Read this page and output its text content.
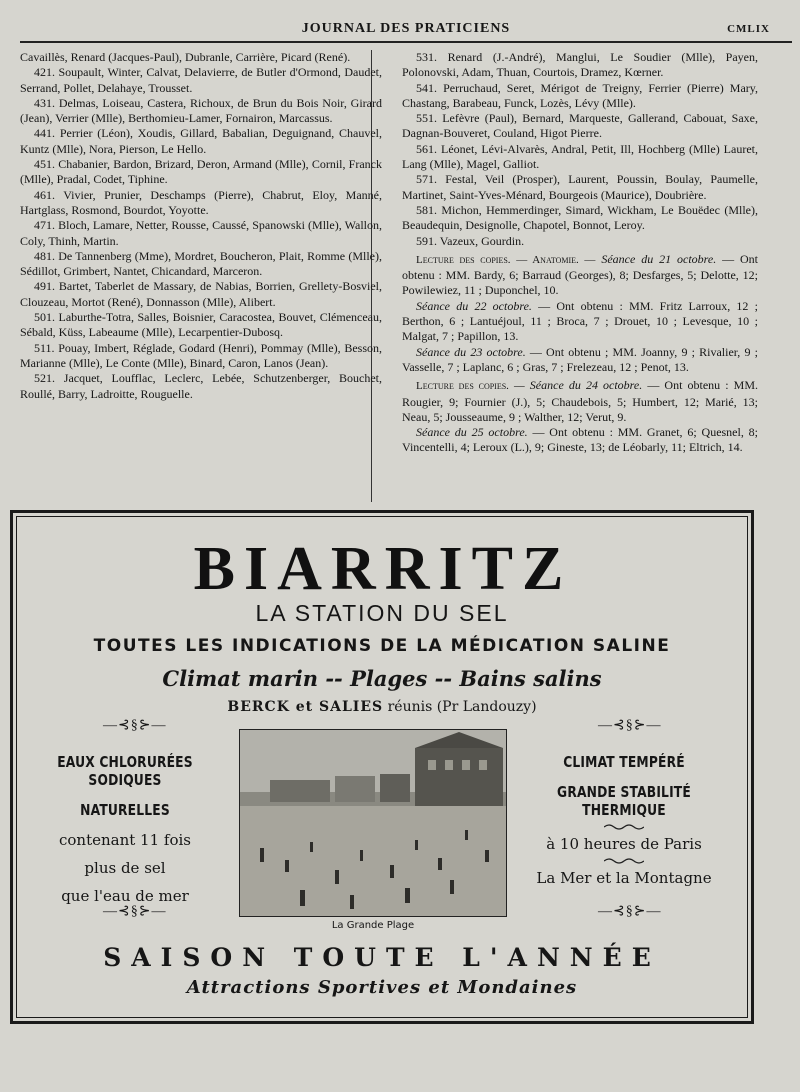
JOURNAL DES PRATICIENS	CMLIX

Cavaillès, Renard (Jacques-Paul), Dubranle, Carrière, Picard (René).

421. Soupault, Winter, Calvat, Delavierre, de Butler d'Ormond, Daudet, Serrand, Pollet, Delahaye, Trousset.

431. Delmas, Loiseau, Castera, Richoux, de Brun du Bois Noir, Girard (Jean), Verrier (Mlle), Berthomieu-Lamer, Fornairon, Marcassus.

441. Perrier (Léon), Xoudis, Gillard, Babalian, Deguignand, Chauvel, Kuntz (Mlle), Nora, Pierson, Le Hello.

451. Chabanier, Bardon, Brizard, Deron, Armand (Mlle), Cornil, Franck (Mlle), Pradal, Codet, Tiphine.

461. Vivier, Prunier, Deschamps (Pierre), Chabrut, Eloy, Manné, Hartglass, Rosmond, Bourdot, Yoyotte.

471. Bloch, Lamare, Netter, Rousse, Caussé, Spanowski (Mlle), Wallon, Coly, Thinh, Martin.

481. De Tannenberg (Mme), Mordret, Boucheron, Plait, Romme (Mlle), Sédillot, Grimbert, Nantet, Chicandard, Marceron.

491. Bartet, Taberlet de Massary, de Nabias, Borrien, Grellety-Bosviel, Clouzeau, Mortot (René), Donnasson (Mlle), Alibert.

501. Laburthe-Totra, Salles, Boisnier, Caracostea, Bouvet, Clémenceau, Sébald, Küss, Labeaume (Mlle), Lecarpentier-Dubosq.

511. Pouay, Imbert, Réglade, Godard (Henri), Pommay (Mlle), Besson, Marianne (Mlle), Le Conte (Mlle), Binard, Caron, Lanos (Jean).

521. Jacquet, Loufflac, Leclerc, Lebée, Schutzenberger, Bouchet, Roullé, Barry, Ladroitte, Rouguelle.

531. Renard (J.-André), Manglui, Le Soudier (Mlle), Payen, Polonovski, Adam, Thuan, Courtois, Dramez, Kœrner.

541. Perruchaud, Seret, Mérigot de Treigny, Ferrier (Pierre) Mary, Chastang, Barabeau, Funck, Lozès, Lévy (Mlle).

551. Lefèvre (Paul), Bernard, Marqueste, Gallerand, Cabouat, Saxe, Dagnan-Bouveret, Couland, Higot Pierre.

561. Léonet, Lévi-Alvarès, Andral, Petit, Ill, Hochberg (Mlle) Lauret, Lang (Mlle), Magel, Galliot.

571. Festal, Veil (Prosper), Laurent, Poussin, Boulay, Paumelle, Martinet, Saint-Yves-Ménard, Bourgeois (Maurice), Doubrière.

581. Michon, Hemmerdinger, Simard, Wickham, Le Bouëdec (Mlle), Beaudequin, Designolle, Chapotel, Bonnot, Leroy.

591. Vazeux, Gourdin.

Lecture des copies. — Anatomie. — Séance du 21 octobre. — Ont obtenu : MM. Bardy, 6; Barraud (Georges), 8; Desfarges, 5; Delotte, 12; Powilewiez, 11 ; Duponchel, 10.

Séance du 22 octobre. — Ont obtenu : MM. Fritz Larroux, 12 ; Berthon, 6 ; Lantuéjoul, 11 ; Broca, 7 ; Drouet, 10 ; Levesque, 10 ; Malgat, 7 ; Papillon, 13.

Séance du 23 octobre. — Ont obtenu ; MM. Joanny, 9 ; Rivalier, 9 ; Vasselle, 7 ; Laplanc, 6 ; Gras, 7 ; Frelezeau, 12 ; Penot, 13.

Lecture des copies. — Séance du 24 octobre. — Ont obtenu : MM. Rougier, 9; Fournier (J.), 5; Chaudebois, 5; Humbert, 12; Marié, 13; Neau, 5; Jousseaume, 9 ; Walther, 12; Verut, 9.

Séance du 25 octobre. — Ont obtenu : MM. Granet, 6; Quesnel, 8; Vincentelli, 4; Leroux (L.), 9; Gineste, 13; de Léobarly, 11; Eltrich, 14.

BIARRITZ
LA STATION DU SEL
TOUTES LES INDICATIONS DE LA MÉDICATION SALINE
Climat marin -- Plages -- Bains salins
BERCK et SALIES réunis (Pr Landouzy)
—⊰§⊱—	—⊰§⊱—
EAUX CHLORURÉES SODIQUES
NATURELLES
contenant 11 fois
plus de sel
que l'eau de mer
CLIMAT TEMPÉRÉ
GRANDE STABILITÉ THERMIQUE
à 10 heures de Paris
La Mer et la Montagne
—⊰§⊱—	—⊰§⊱—
La Grande Plage
SAISON TOUTE L'ANNÉE
Attractions Sportives et Mondaines
